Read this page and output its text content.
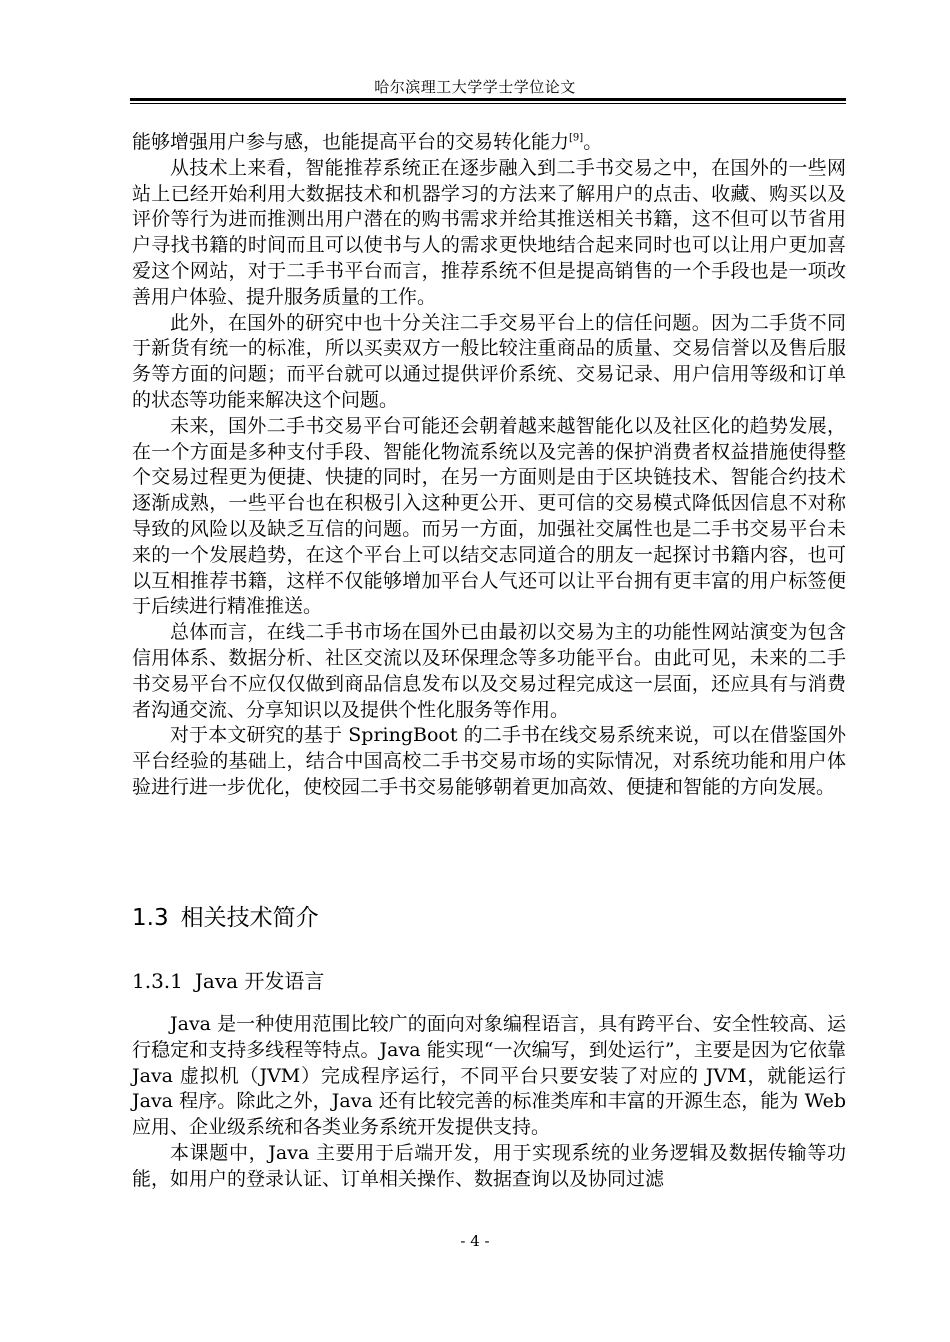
哈尔滨理工大学学士学位论文

能够增强用户参与感，也能提高平台的交易转化能力[9]。

从技术上来看，智能推荐系统正在逐步融入到二手书交易之中，在国外的一些网站上已经开始利用大数据技术和机器学习的方法来了解用户的点击、收藏、购买以及评价等行为进而推测出用户潜在的购书需求并给其推送相关书籍，这不但可以节省用户寻找书籍的时间而且可以使书与人的需求更快地结合起来同时也可以让用户更加喜爱这个网站，对于二手书平台而言，推荐系统不但是提高销售的一个手段也是一项改善用户体验、提升服务质量的工作。

此外，在国外的研究中也十分关注二手交易平台上的信任问题。因为二手货不同于新货有统一的标准，所以买卖双方一般比较注重商品的质量、交易信誉以及售后服务等方面的问题；而平台就可以通过提供评价系统、交易记录、用户信用等级和订单的状态等功能来解决这个问题。

未来，国外二手书交易平台可能还会朝着越来越智能化以及社区化的趋势发展，在一个方面是多种支付手段、智能化物流系统以及完善的保护消费者权益措施使得整个交易过程更为便捷、快捷的同时，在另一方面则是由于区块链技术、智能合约技术逐渐成熟，一些平台也在积极引入这种更公开、更可信的交易模式降低因信息不对称导致的风险以及缺乏互信的问题。而另一方面，加强社交属性也是二手书交易平台未来的一个发展趋势，在这个平台上可以结交志同道合的朋友一起探讨书籍内容，也可以互相推荐书籍，这样不仅能够增加平台人气还可以让平台拥有更丰富的用户标签便于后续进行精准推送。

总体而言，在线二手书市场在国外已由最初以交易为主的功能性网站演变为包含信用体系、数据分析、社区交流以及环保理念等多功能平台。由此可见，未来的二手书交易平台不应仅仅做到商品信息发布以及交易过程完成这一层面，还应具有与消费者沟通交流、分享知识以及提供个性化服务等作用。

对于本文研究的基于 SpringBoot 的二手书在线交易系统来说，可以在借鉴国外平台经验的基础上，结合中国高校二手书交易市场的实际情况，对系统功能和用户体验进行进一步优化，使校园二手书交易能够朝着更加高效、便捷和智能的方向发展。

1.3 相关技术简介
1.3.1 Java 开发语言

Java 是一种使用范围比较广的面向对象编程语言，具有跨平台、安全性较高、运行稳定和支持多线程等特点。Java 能实现“一次编写，到处运行”，主要是因为它依靠 Java 虚拟机（JVM）完成程序运行，不同平台只要安装了对应的 JVM，就能运行 Java 程序。除此之外，Java 还有比较完善的标准类库和丰富的开源生态，能为 Web 应用、企业级系统和各类业务系统开发提供支持。

本课题中，Java 主要用于后端开发，用于实现系统的业务逻辑及数据传输等功能，如用户的登录认证、订单相关操作、数据查询以及协同过滤

- 4 -
